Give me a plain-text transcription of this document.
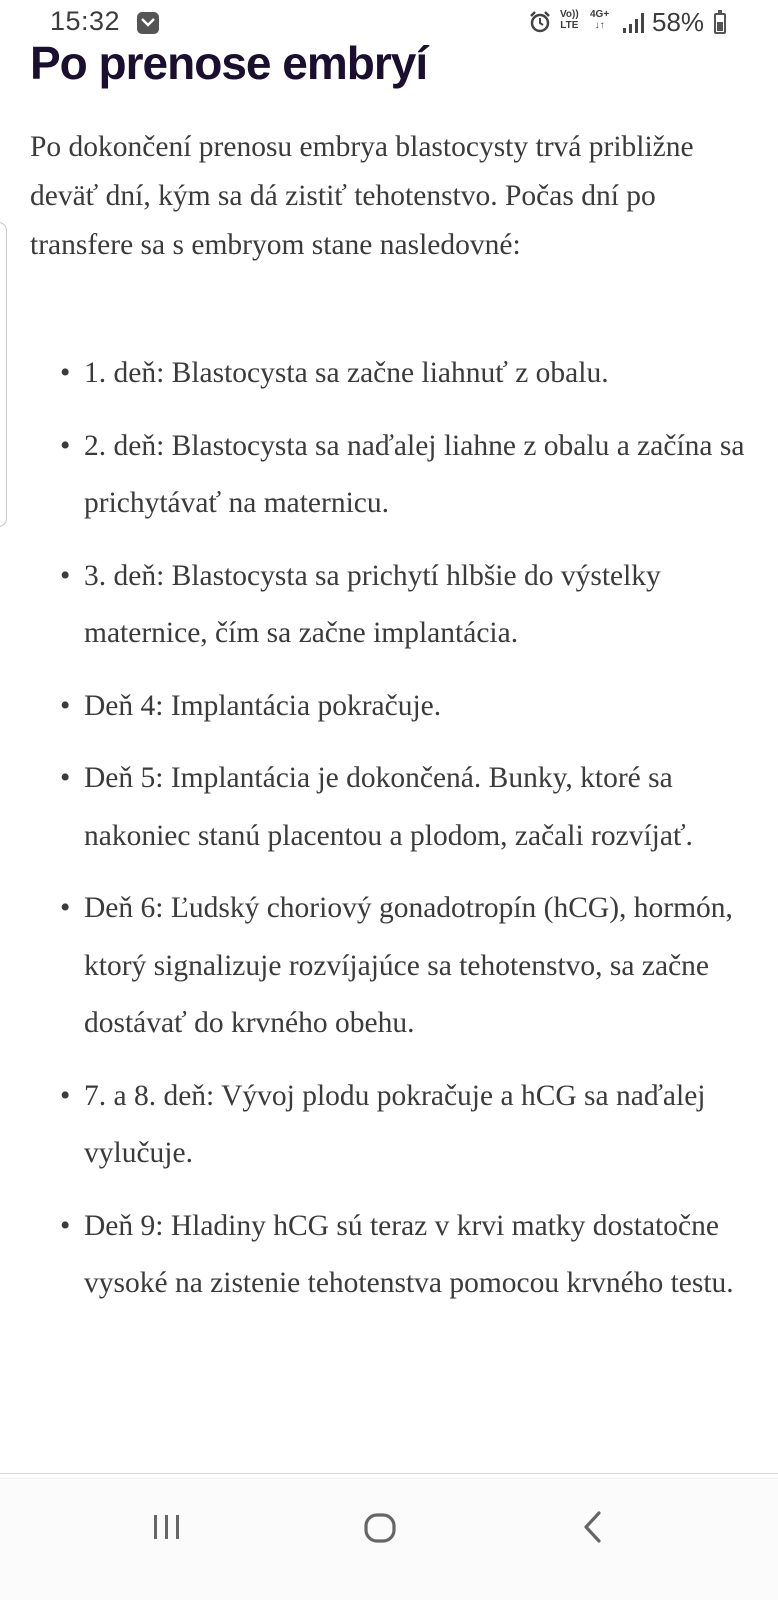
15:32	Vo))
LTE
4G+
↓↑ 58%
Po prenose embryí

Po dokončení prenosu embrya blastocysty trvá približne deväť dní, kým sa dá zistiť tehotenstvo. Počas dní po transfere sa s embryom stane nasledovné:

• 1. deň: Blastocysta sa začne liahnuť z obalu.
• 2. deň: Blastocysta sa naďalej liahne z obalu a začína sa prichytávať na maternicu.
• 3. deň: Blastocysta sa prichytí hlbšie do výstelky maternice, čím sa začne implantácia.
• Deň 4: Implantácia pokračuje.
• Deň 5: Implantácia je dokončená. Bunky, ktoré sa nakoniec stanú placentou a plodom, začali rozvíjať.
• Deň 6: Ľudský choriový gonadotropín (hCG), hormón, ktorý signalizuje rozvíjajúce sa tehotenstvo, sa začne dostávať do krvného obehu.
• 7. a 8. deň: Vývoj plodu pokračuje a hCG sa naďalej vylučuje.
• Deň 9: Hladiny hCG sú teraz v krvi matky dostatočne vysoké na zistenie tehotenstva pomocou krvného testu.
